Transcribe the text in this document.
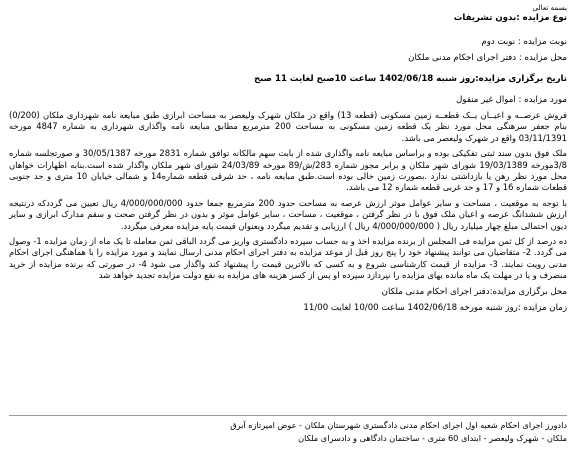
بسمه تعالی
نوع مزایده :بدون تشریفات
نوبت مزایده : نوبت دوم
محل مزایده : دفتر اجرای احکام مدنی ملکان
تاریخ برگزاری مزایده:روز شنبه 1402/06/18 ساعت 10صبح لغایت 11 صبح
مورد مزایده : اموال غیر منقول
فروش عرصــه و اعیــان یــک قطعــه زمین مسکونی (قطعه 13) واقع در ملکان شهرک ولیعصر به مساحت ابرازی طبق مبایعه نامه شهرداری ملکان (0/200) بنام جعفر سرهنگی محل مورد نظر یک قطعه زمین مسکونی به مساحت 200 مترمربع مطابق مبایعه نامه واگذاری شهرداری به شماره 4847 مورخه 03/11/1391 واقع در شهرک ولیعصر می باشد.
ملک فوق بدون سند ثبتی تفکیکی بوده و براساس مبایعه نامه واگذاری شده از بابت سهم مالکانه توافق شماره 2831 مورخه 30/05/1387 و صورتجلسه شماره 3/8مورخه 19/03/1389 شورای شهر ملکان و برابر مجوز شماره 283/ش/89 مورخه 24/03/89 شورای شهر ملکان واگذار شده است.بنابه اظهارات خواهان محل مورد نظر رهن یا بازداشتی ندارد .بصورت زمین خالی بوده است.طبق مبایعه نامه ، حد شرقی قطعه شماره14 و شمالی خیابان 10 متری و حد جنوبی قطعات شماره 16 و 17 و حد غربی قطعه شماره 12 می باشد.
با توجه به موقعیت ، مساحت و سایر عوامل موثر ارزش عرصه به مساحت حدود 200 مترمربع جمعا حدود 4/000/000/000 ریال تعیین می گرددکه درنتیجه ارزش ششدانگ عرصه و اعیان ملک فوق با در نظر گرفتن ، موقعیت ، مساحت ، سایر عوامل موثر و بدون در نظر گرفتن صحت و سقم مدارک ابرازی و سایر دیون احتمالی مبلغ چهار میلیارد ریال ( 4/000/000/000 ریال ) ارزیابی و تقدیم میگردد وبعنوان قیمت پایه مزایده معرفی میگردد.
ده درصد از کل ثمن مزایده فی المجلس از برنده مزایده اخذ و به حساب سپرده دادگستری واریز می گردد الباقی ثمن معامله تا یک ماه از زمان مزایده 1- وصول می گردد. 2- متقاضیان می توانند پیشنهاد خود را پنج روز قبل از موعد مزایده به دفتر اجرای احکام مدنی ارسال نمایند و مورد مزایده را با هماهنگی اجرای احکام مدنی رویت نمایند. 3- مزایده از قیمت کارشناسی شروع و به کسی که بالاترین قیمت را پیشنهاد کند واگذار می شود 4- در صورتی که برنده مزایده از خرید منصرف و یا در مهلت یک ماه مانده بهای مزایده را نپردازد سپرده او پس از کسر هزینه های مزایده به نفع دولت مزایده تجدید خواهد شد
محل برگزاری مزایده:دفتر اجرای احکام مدنی ملکان
زمان مزایده :روز شنبه مورخه 1402/06/18 ساعت 10/00 لغایت 11/00
دادورز اجرای احکام شعبه اول اجرای احکام مدنی دادگستری شهرستان ملکان - عوض امیرتازه آبرق
ملکان - شهرک ولیعصر - ابتدای 60 متری - ساختمان دادگاهی و دادسرای ملکان
